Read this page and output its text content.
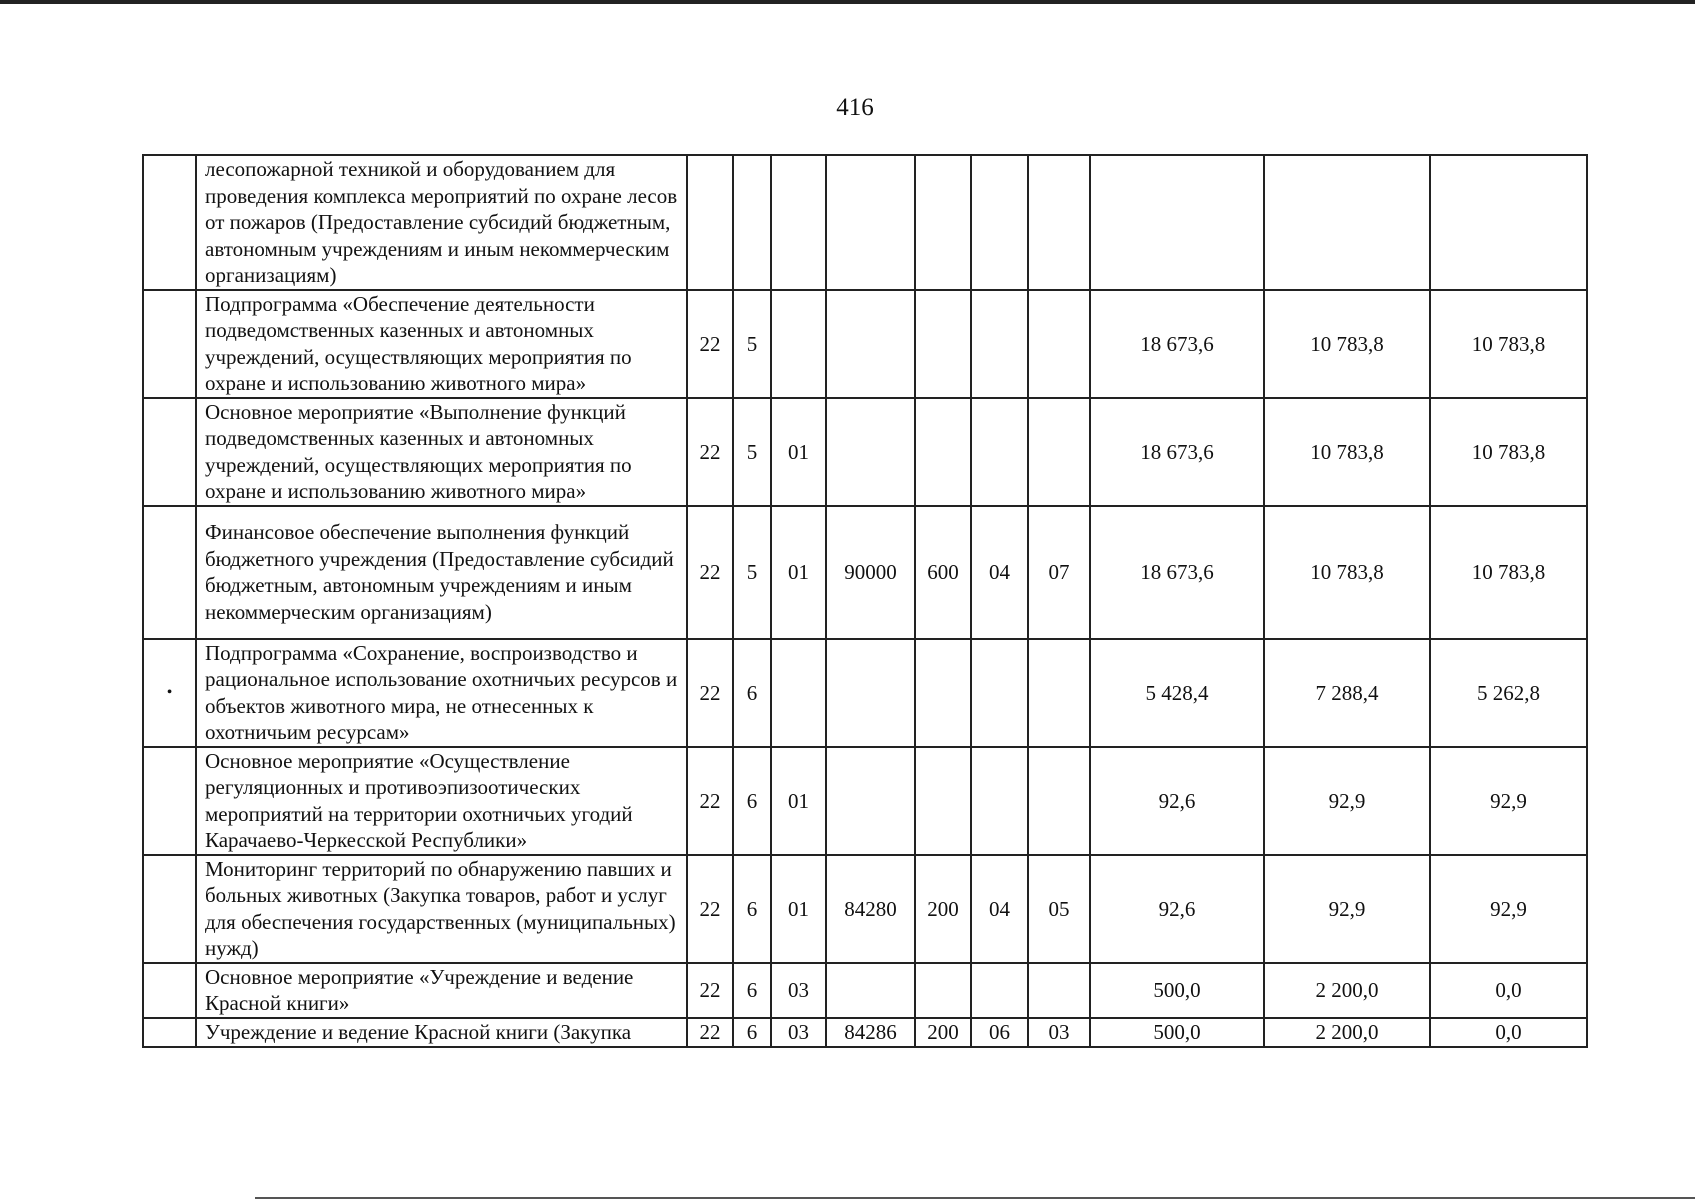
416
	лесопожарной техникой и оборудованием для проведения комплекса мероприятий по охране лесов от пожаров (Предоставление субсидий бюджетным, автономным учреждениям и иным некоммерческим организациям)										
	Подпрограмма «Обеспечение деятельности подведомственных казенных и автономных учреждений, осуществляющих мероприятия по охране и использованию животного мира»	22	5						18 673,6	10 783,8	10 783,8
	Основное мероприятие «Выполнение функций подведомственных казенных и автономных учреждений, осуществляющих мероприятия по охране и использованию животного мира»	22	5	01					18 673,6	10 783,8	10 783,8
	Финансовое обеспечение выполнения функций бюджетного учреждения (Предоставление субсидий бюджетным, автономным учреждениям и иным некоммерческим организациям)	22	5	01	90000	600	04	07	18 673,6	10 783,8	10 783,8
•	Подпрограмма «Сохранение, воспроизводство и рациональное использование охотничьих ресурсов и объектов животного мира, не отнесенных к охотничьим ресурсам»	22	6						5 428,4	7 288,4	5 262,8
	Основное мероприятие «Осуществление регуляционных и противоэпизоотических мероприятий на территории охотничьих угодий Карачаево-Черкесской Республики»	22	6	01					92,6	92,9	92,9
	Мониторинг территорий по обнаружению павших и больных животных (Закупка товаров, работ и услуг для обеспечения государственных (муниципальных) нужд)	22	6	01	84280	200	04	05	92,6	92,9	92,9
	Основное мероприятие «Учреждение и ведение Красной книги»	22	6	03					500,0	2 200,0	0,0
	Учреждение и ведение Красной книги (Закупка	22	6	03	84286	200	06	03	500,0	2 200,0	0,0
